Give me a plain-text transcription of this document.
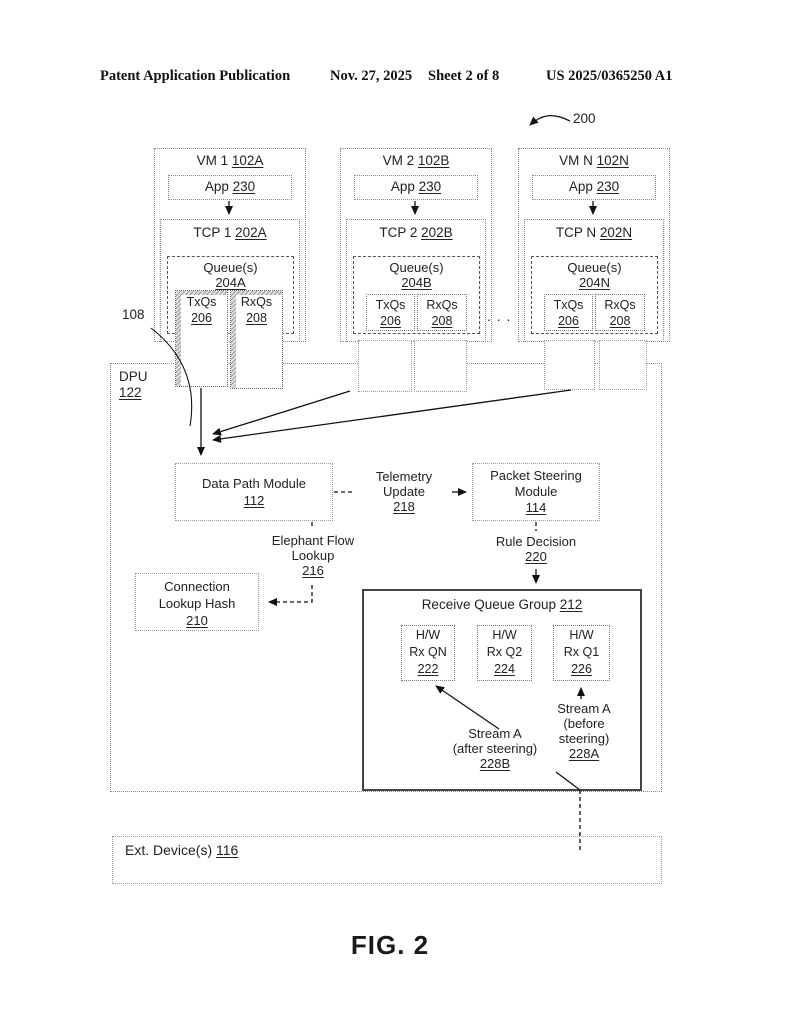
Patent Application Publication	Nov. 27, 2025 Sheet 2 of 8	US 2025/0365250 A1
200
108	. . .
VM 1 102A
App 230
TCP 1 202A
Queue(s)
204A
TxQs
206
RxQs
208
VM 2 102B
App 230
TCP 2 202B
Queue(s)
204B
TxQs
206
RxQs
208
VM N 102N
App 230
TCP N 202N
Queue(s)
204N
TxQs
206
RxQs
208
DPU
122
Data Path Module
112
Telemetry
Update
218
Packet Steering
Module
114
Elephant Flow
Lookup
216
Rule Decision
220
Connection
Lookup Hash
210
Receive Queue Group 212
H/W
Rx QN
222
H/W
Rx Q2
224
H/W
Rx Q1
226
Stream A
(after steering)
228B
Stream A
(before
steering)
228A
Ext. Device(s) 116
FIG. 2
